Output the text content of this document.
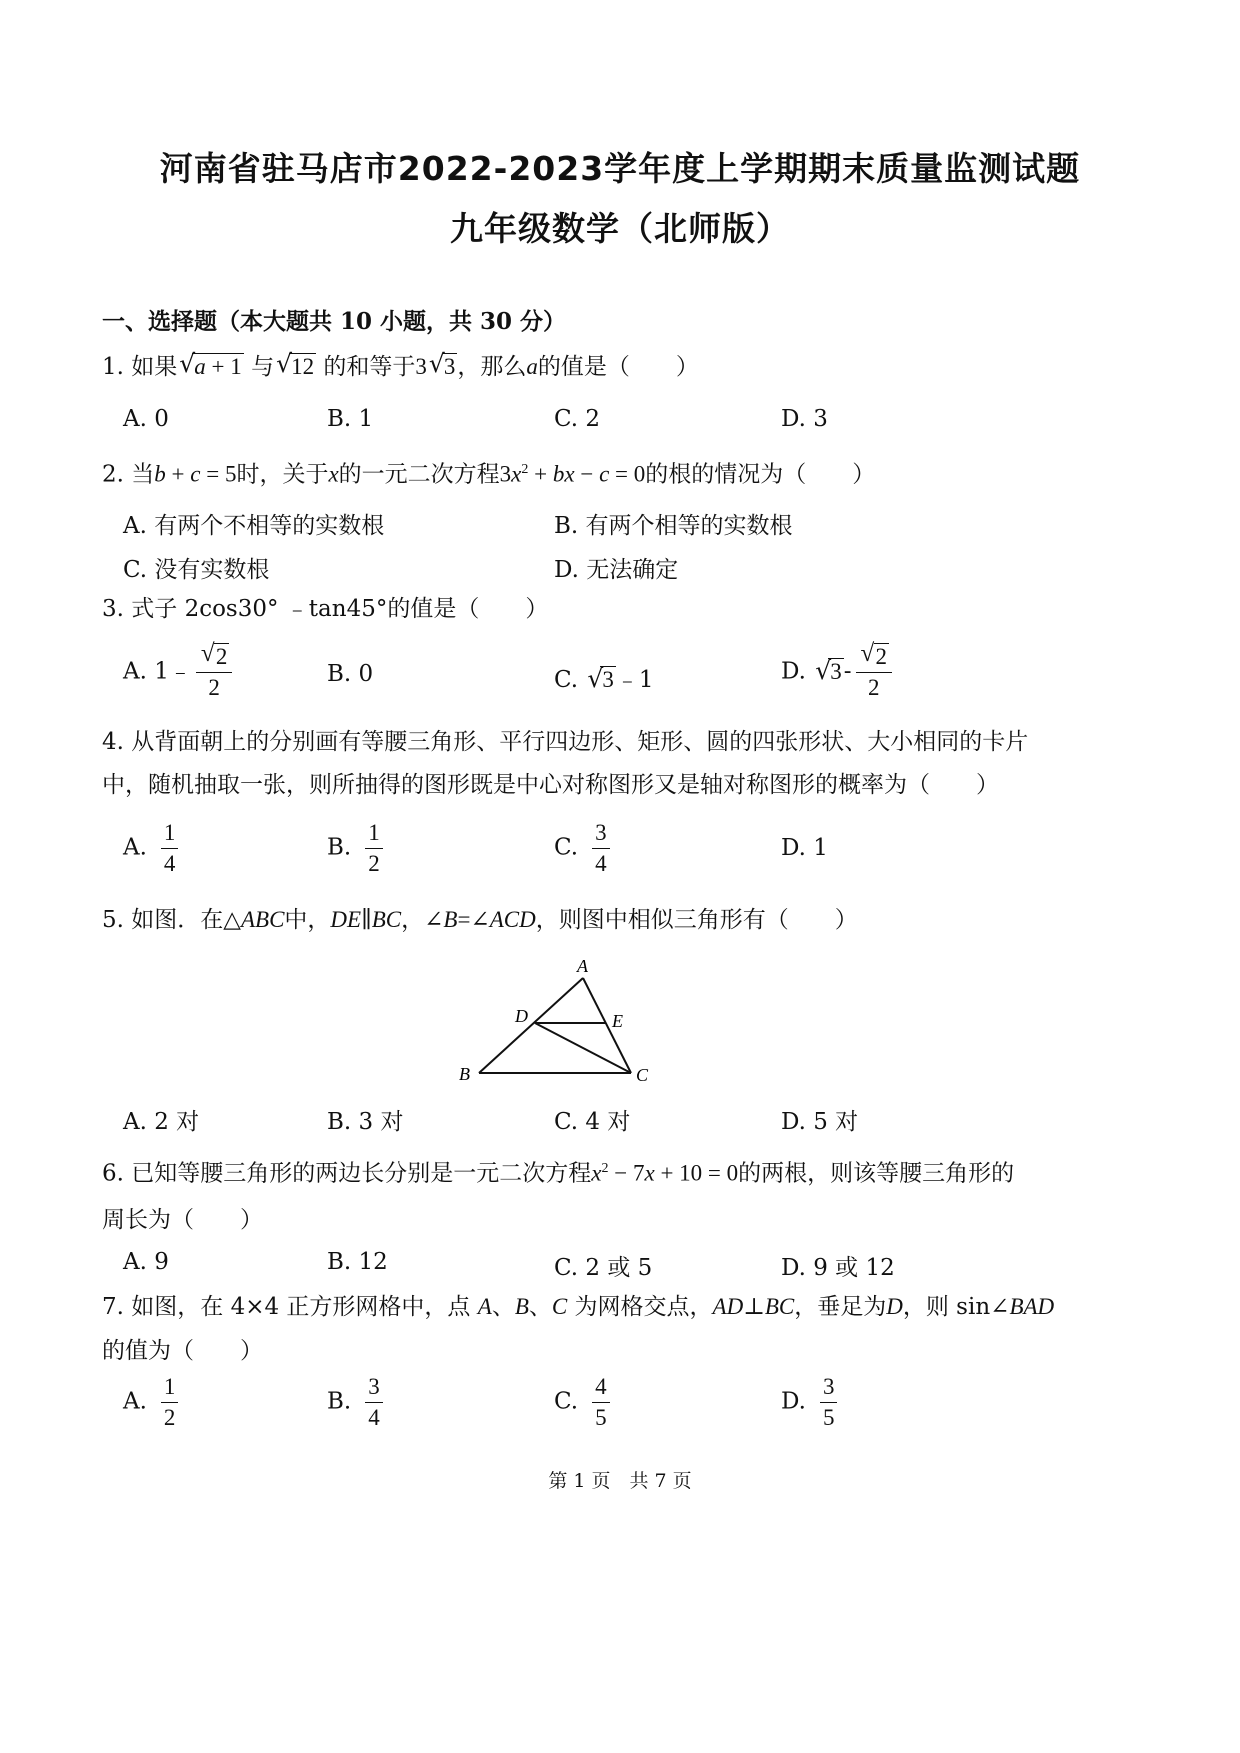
河南省驻马店市2022-2023学年度上学期期末质量监测试题
九年级数学（北师版）
一、选择题（本大题共 10 小题，共 30 分）
1. 如果 √ a + 1 与 √ 12 的和等于3 √ 3，那么a的值是（　　）
A. 0	B. 1	C. 2	D. 3
2. 当b + c = 5时，关于x的一元二次方程$3x^2$ + bx − c = 0的根的情况为（　　）
A. 有两个不相等的实数根	B. 有两个相等的实数根
C. 没有实数根	D. 无法确定
3. 式子 2cos30° ﹣tan45°的值是（　　）
A. 1﹣ $\frac{√ 2}{2}$	B. 0	C. √ 3﹣1	D. √ $3- \frac{√ 2}{2}$
4. 从背面朝上的分别画有等腰三角形、平行四边形、矩形、圆的四张形状、大小相同的卡片
中，随机抽取一张，则所抽得的图形既是中心对称图形又是轴对称图形的概率为（　　）
A. $\frac{1}{4}$	B. $\frac{1}{2}$	C. $\frac{3}{4}$	D. 1
5. 如图．在△ABC中，DE∥BC，∠B=∠ACD，则图中相似三角形有（　　）
A
D	E
B	C
A. 2 对	B. 3 对	C. 4 对	D. 5 对
6. 已知等腰三角形的两边长分别是一元二次方程$x^2 - 7x + 10 = 0$的两根，则该等腰三角形的
周长为（　　）
A. 9	B. 12	C. 2 或 5	D. 9 或 12
7. 如图，在 4×4 正方形网格中，点 A、B、C 为网格交点，AD⊥BC，垂足为D，则 sin∠BAD
的值为（　　）
A. $\frac{1}{2}$	B. $\frac{3}{4}$	C. $\frac{4}{5}$	D. $\frac{3}{5}$
第 1 页　共 7 页
